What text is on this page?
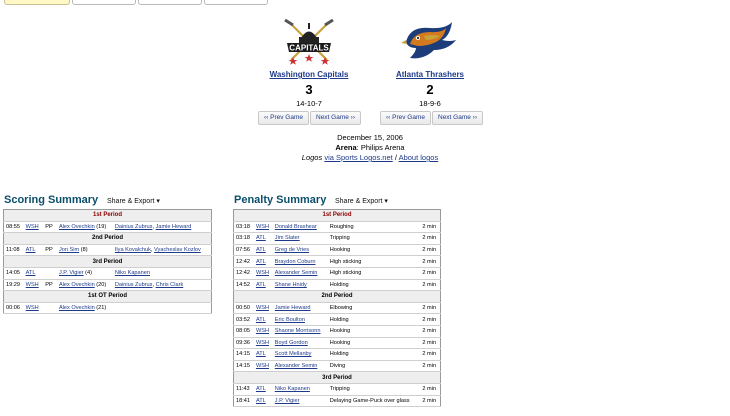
CAPITALS
Washington Capitals
3
14-10-7
Atlanta Thrashers
2
18-9-6
‹‹ Prev Game	Next Game ››	‹‹ Prev Game	Next Game ››
December 15, 2006
Arena: Philips Arena
Logos via Sports Logos.net / About logos
Scoring Summary Share & Export ▾
1st Period				
08:55	WSH	PP	Alex Ovechkin (19)	Dainius Zubrus, Jamie Heward
2nd Period				
11:08	ATL	PP	Jon Sim (8)	Ilya Kovalchuk, Vyacheslav Kozlov
3rd Period				
14:05	ATL		J.P. Vigier (4)	Niko Kapanen
19:29	WSH	PP	Alex Ovechkin (20)	Dainius Zubrus, Chris Clark
1st OT Period				
00:06	WSH		Alex Ovechkin (21)	
Penalty Summary Share & Export ▾
1st Period				
03:18	WSH	Donald Brashear	Roughing	2 min
03:18	ATL	Jim Slater	Tripping	2 min
07:56	ATL	Greg de Vries	Hooking	2 min
12:42	ATL	Braydon Coburn	High sticking	2 min
12:42	WSH	Alexander Semin	High sticking	2 min
14:52	ATL	Shane Hnidy	Holding	2 min
2nd Period				
00:50	WSH	Jamie Heward	Elbowing	2 min
03:52	ATL	Eric Boulton	Holding	2 min
08:05	WSH	Shaone Morrisonn	Hooking	2 min
09:36	WSH	Boyd Gordon	Hooking	2 min
14:15	ATL	Scott Mellanby	Holding	2 min
14:15	WSH	Alexander Semin	Diving	2 min
3rd Period				
11:43	ATL	Niko Kapanen	Tripping	2 min
18:41	ATL	J.P. Vigier	Delaying Game-Puck over glass	2 min
